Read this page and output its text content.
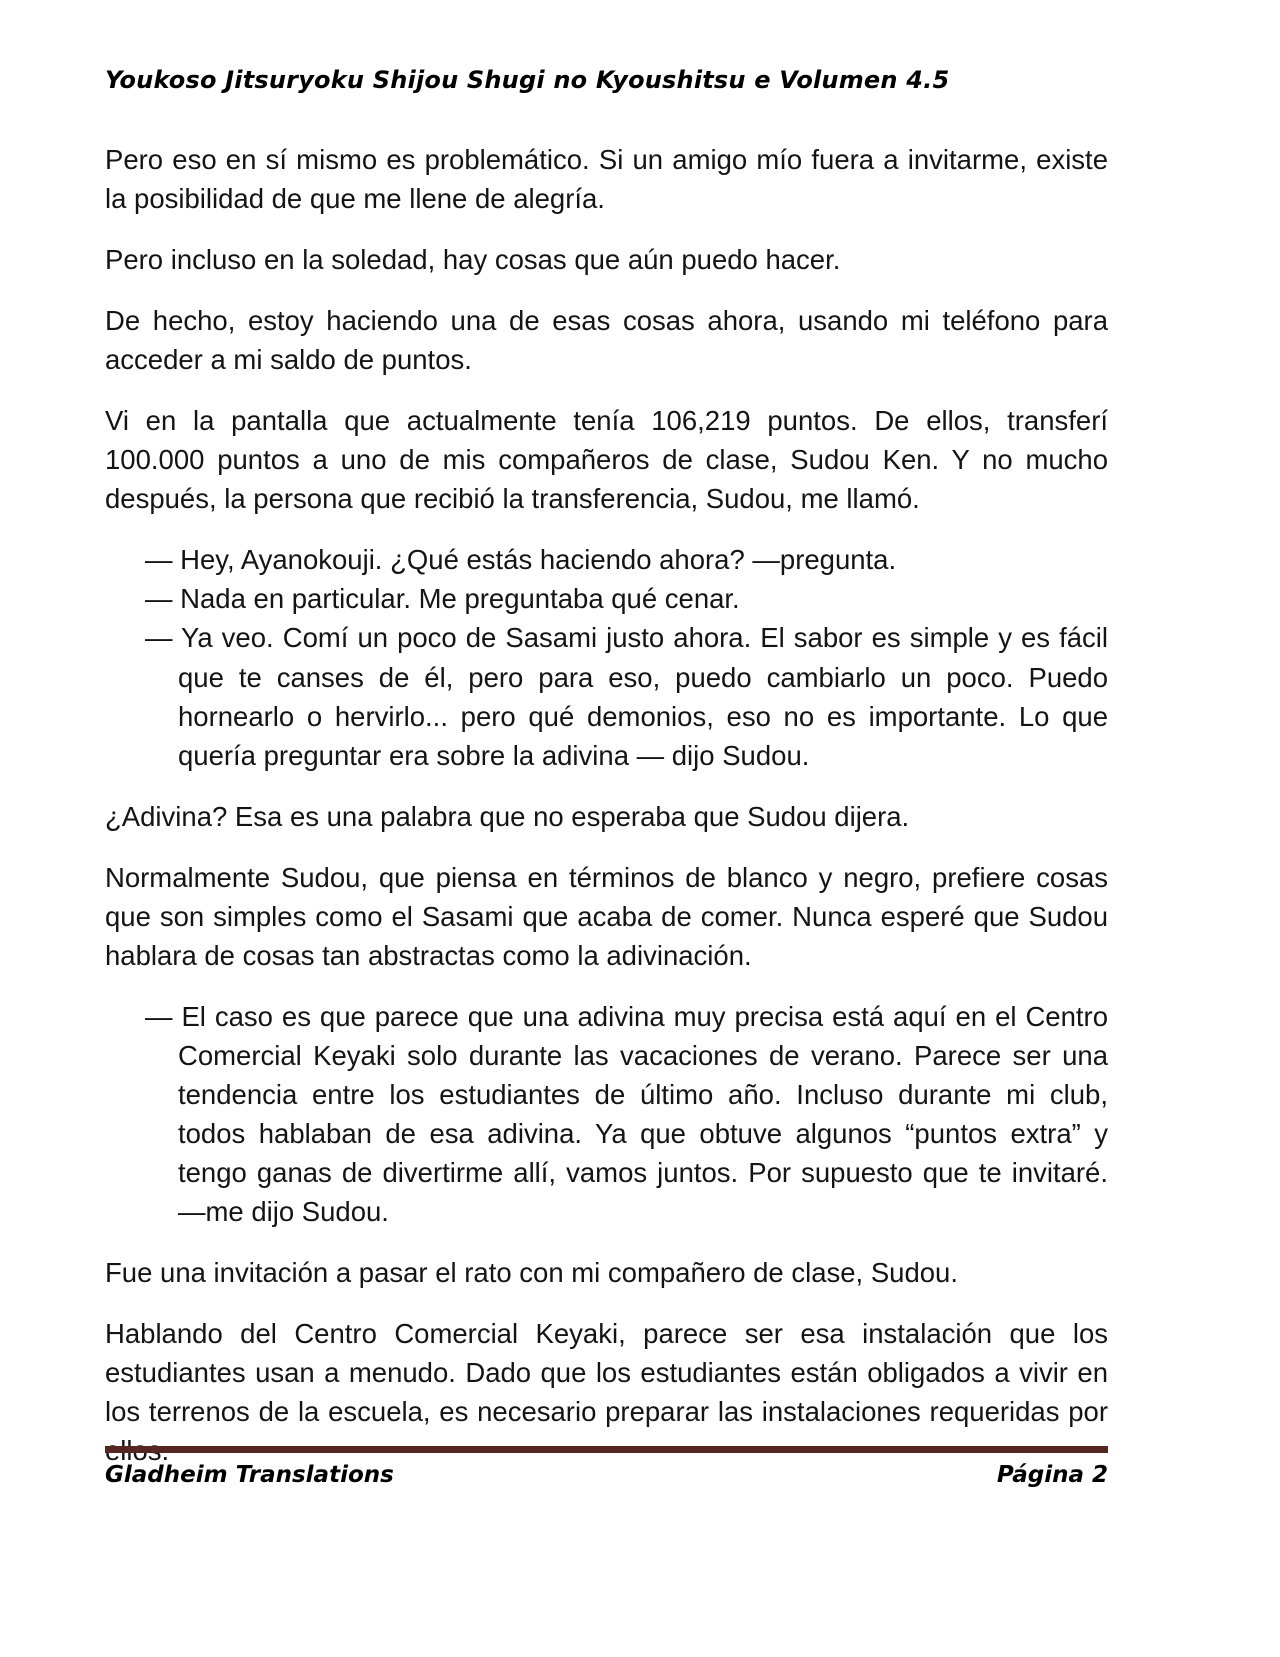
Youkoso Jitsuryoku Shijou Shugi no Kyoushitsu e Volumen 4.5

Pero eso en sí mismo es problemático. Si un amigo mío fuera a invitarme, existe la posibilidad de que me llene de alegría.

Pero incluso en la soledad, hay cosas que aún puedo hacer.

De hecho, estoy haciendo una de esas cosas ahora, usando mi teléfono para acceder a mi saldo de puntos.

Vi en la pantalla que actualmente tenía 106,219 puntos. De ellos, transferí 100.000 puntos a uno de mis compañeros de clase, Sudou Ken. Y no mucho después, la persona que recibió la transferencia, Sudou, me llamó.

— Hey, Ayanokouji. ¿Qué estás haciendo ahora? —pregunta.

— Nada en particular. Me preguntaba qué cenar.

— Ya veo. Comí un poco de Sasami justo ahora. El sabor es simple y es fácil que te canses de él, pero para eso, puedo cambiarlo un poco. Puedo hornearlo o hervirlo... pero qué demonios, eso no es importante. Lo que quería preguntar era sobre la adivina — dijo Sudou.

¿Adivina? Esa es una palabra que no esperaba que Sudou dijera.

Normalmente Sudou, que piensa en términos de blanco y negro, prefiere cosas que son simples como el Sasami que acaba de comer. Nunca esperé que Sudou hablara de cosas tan abstractas como la adivinación.

— El caso es que parece que una adivina muy precisa está aquí en el Centro Comercial Keyaki solo durante las vacaciones de verano. Parece ser una tendencia entre los estudiantes de último año. Incluso durante mi club, todos hablaban de esa adivina. Ya que obtuve algunos “puntos extra” y tengo ganas de divertirme allí, vamos juntos. Por supuesto que te invitaré. —me dijo Sudou.

Fue una invitación a pasar el rato con mi compañero de clase, Sudou.

Hablando del Centro Comercial Keyaki, parece ser esa instalación que los estudiantes usan a menudo. Dado que los estudiantes están obligados a vivir en los terrenos de la escuela, es necesario preparar las instalaciones requeridas por ellos.

Gladheim Translations	Página 2
